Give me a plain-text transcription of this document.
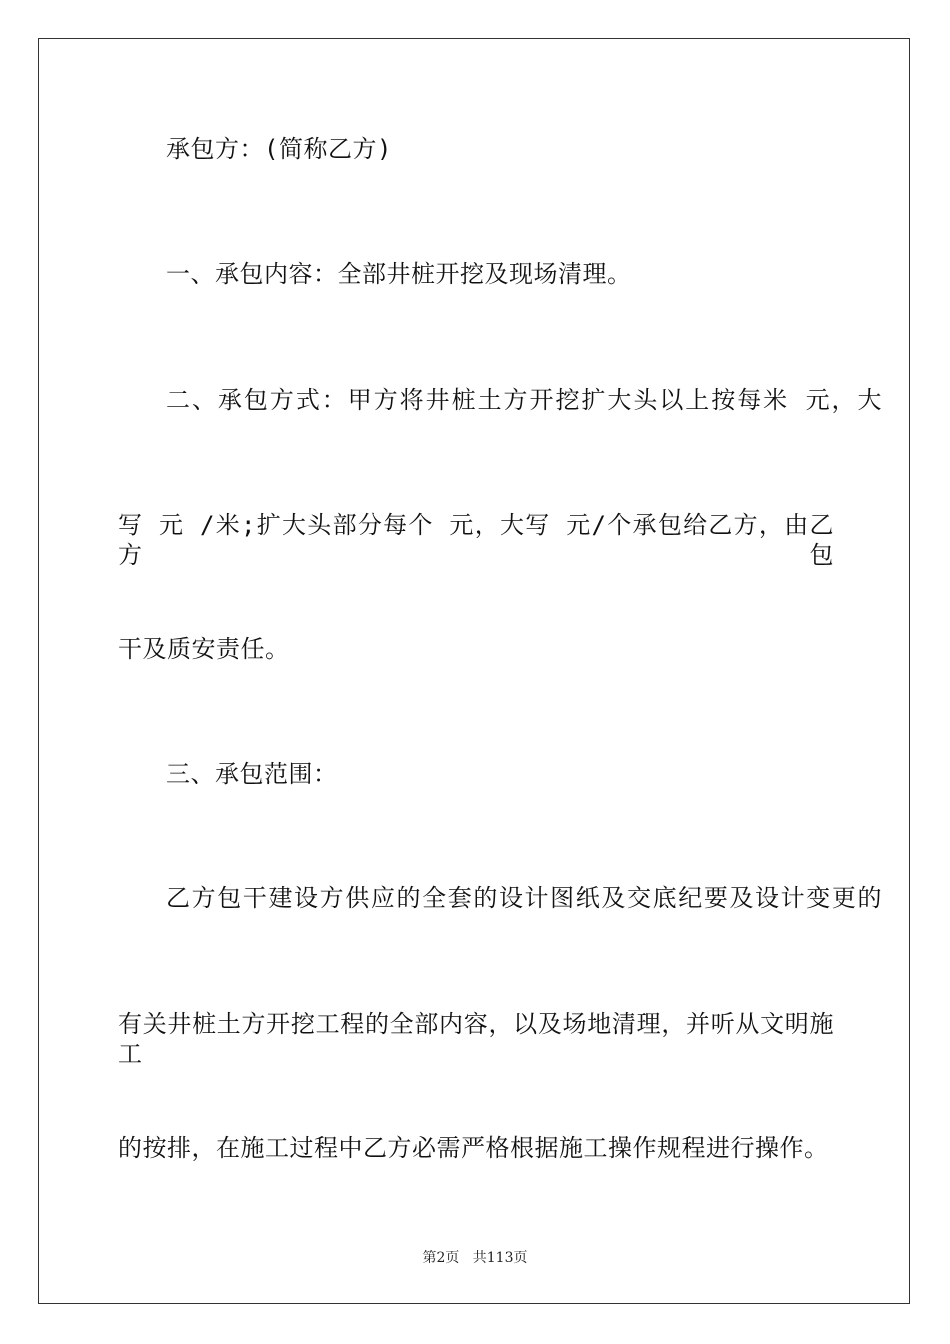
承包方：(简称乙方)
一、承包内容：全部井桩开挖及现场清理。
二、承包方式：甲方将井桩土方开挖扩大头以上按每米 元，大
写 元 /米;扩大头部分每个 元，大写 元/个承包给乙方，由乙方包
干及质安责任。
三、承包范围：
乙方包干建设方供应的全套的设计图纸及交底纪要及设计变更的
有关井桩土方开挖工程的全部内容，以及场地清理，并听从文明施工
的按排，在施工过程中乙方必需严格根据施工操作规程进行操作。
第2页 共113页
